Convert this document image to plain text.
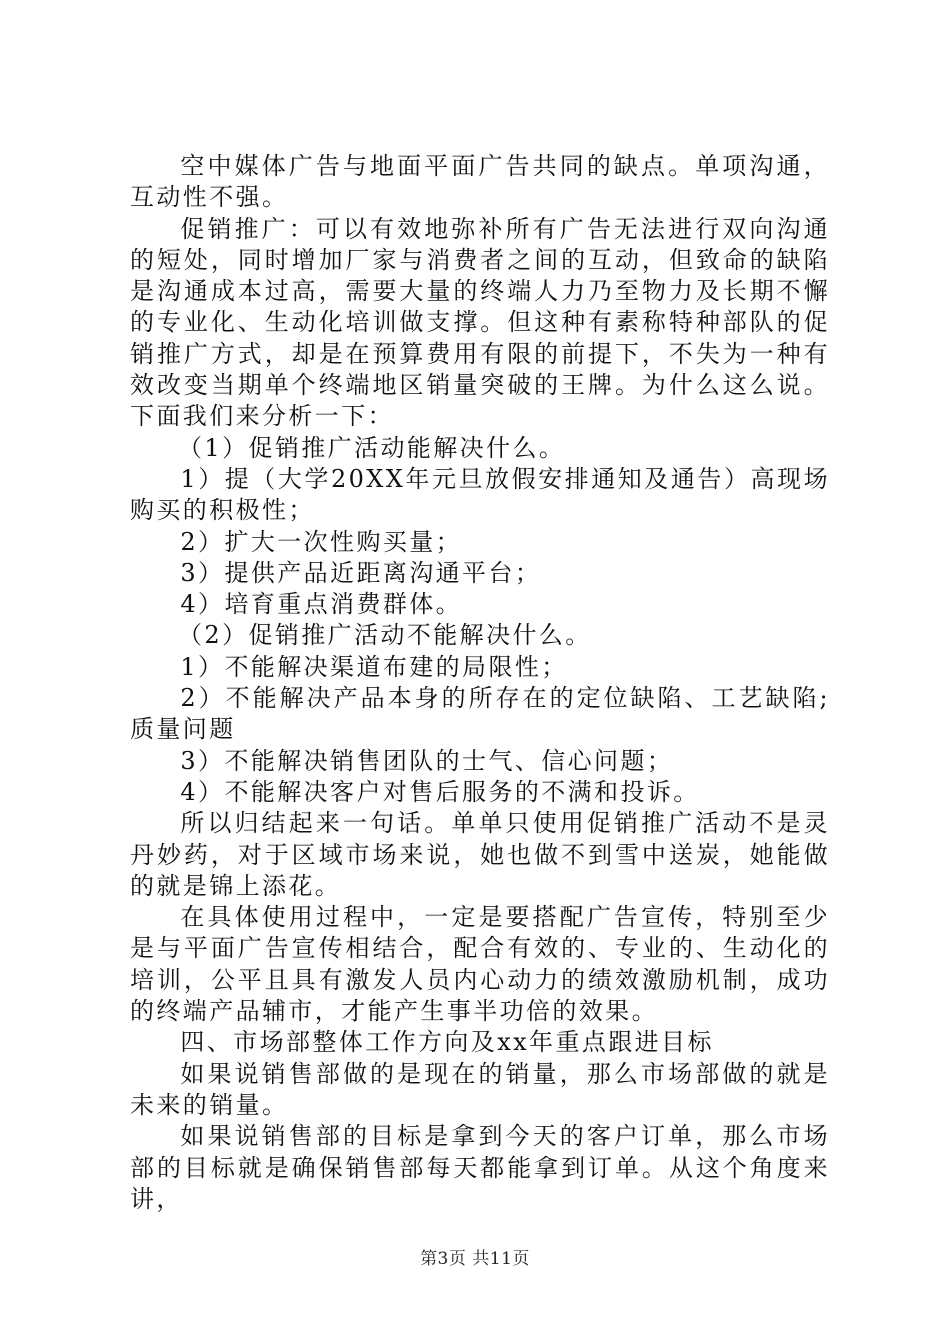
空中媒体广告与地面平面广告共同的缺点。单项沟通，互动性不强。

促销推广：可以有效地弥补所有广告无法进行双向沟通的短处，同时增加厂家与消费者之间的互动，但致命的缺陷是沟通成本过高，需要大量的终端人力乃至物力及长期不懈的专业化、生动化培训做支撑。但这种有素称特种部队的促销推广方式，却是在预算费用有限的前提下，不失为一种有效改变当期单个终端地区销量突破的王牌。为什么这么说。下面我们来分析一下：

（1）促销推广活动能解决什么。

1）提（大学20XX年元旦放假安排通知及通告）高现场购买的积极性；

2）扩大一次性购买量；

3）提供产品近距离沟通平台；

4）培育重点消费群体。

（2）促销推广活动不能解决什么。

1）不能解决渠道布建的局限性；

2）不能解决产品本身的所存在的定位缺陷、工艺缺陷;质量问题

3）不能解决销售团队的士气、信心问题；

4）不能解决客户对售后服务的不满和投诉。

所以归结起来一句话。单单只使用促销推广活动不是灵丹妙药，对于区域市场来说，她也做不到雪中送炭，她能做的就是锦上添花。

在具体使用过程中，一定是要搭配广告宣传，特别至少是与平面广告宣传相结合，配合有效的、专业的、生动化的培训，公平且具有激发人员内心动力的绩效激励机制，成功的终端产品辅市，才能产生事半功倍的效果。

四、市场部整体工作方向及xx年重点跟进目标

如果说销售部做的是现在的销量，那么市场部做的就是未来的销量。

如果说销售部的目标是拿到今天的客户订单，那么市场部的目标就是确保销售部每天都能拿到订单。从这个角度来讲，

第3页 共11页
